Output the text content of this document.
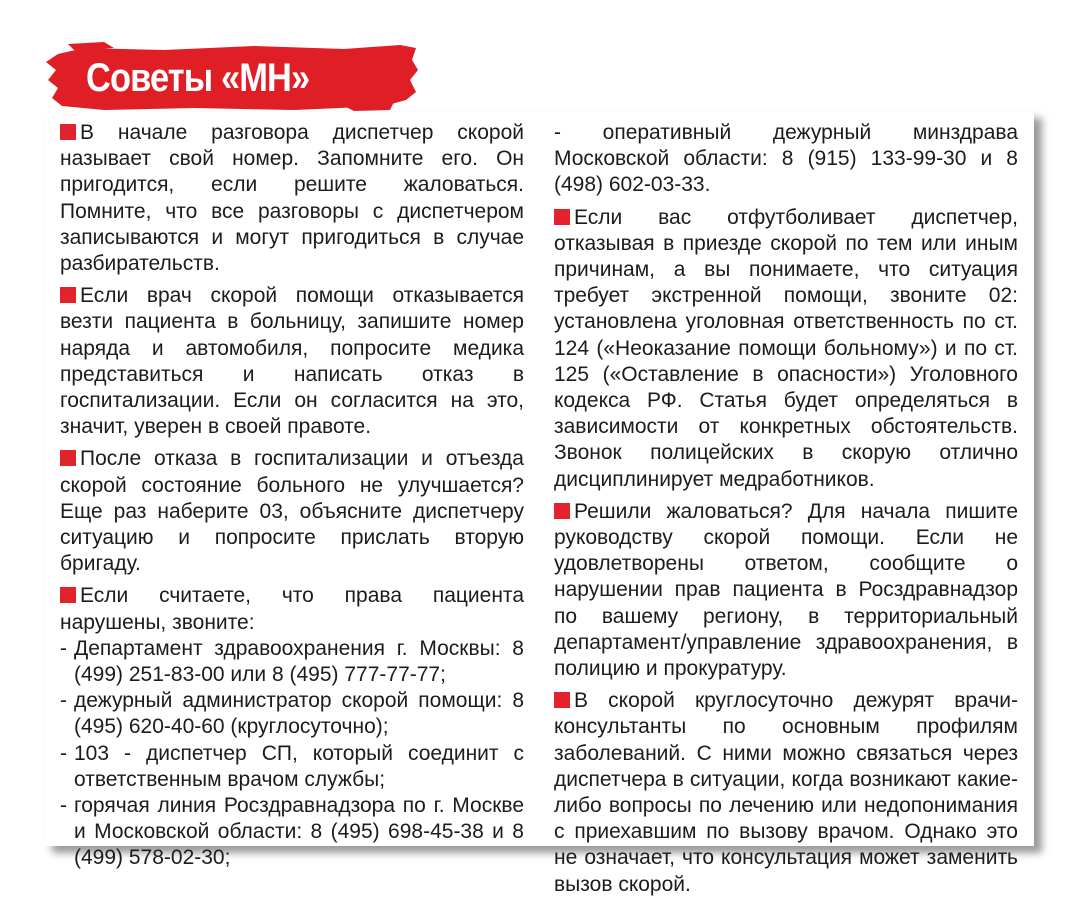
Советы «МН»

В начале разговора диспетчер скорой называет свой номер. Запомните его. Он пригодится, если решите жаловаться. Помните, что все разговоры с диспетчером записываются и могут пригодиться в случае разбирательств.

Если врач скорой помощи отказывается везти пациента в больницу, запишите номер наряда и автомобиля, попросите медика представиться и написать отказ в госпитализации. Если он согласится на это, значит, уверен в своей правоте.

После отказа в госпитализации и отъезда скорой состояние больного не улучшается? Еще раз наберите 03, объясните диспетчеру ситуацию и попросите прислать вторую бригаду.

Если считаете, что права пациента нарушены, звоните:

- Департамент здравоохранения г. Москвы: 8 (499) 251-83-00 или 8 (495) 777-77-77;
- дежурный администратор скорой помощи: 8 (495) 620-40-60 (круглосуточно);
- 103 - диспетчер СП, который соединит с ответственным врачом службы;
- горячая линия Росздравнадзора по г. Москве и Московской области: 8 (495) 698-45-38 и 8 (499) 578-02-30;

- оперативный дежурный минздрава Московской области: 8 (915) 133-99-30 и 8 (498) 602-03-33.

Если вас отфутболивает диспетчер, отказывая в приезде скорой по тем или иным причинам, а вы понимаете, что ситуация требует экстренной помощи, звоните 02: установлена уголовная ответственность по ст. 124 («Неоказание помощи больному») и по ст. 125 («Оставление в опасности») Уголовного кодекса РФ. Статья будет определяться в зависимости от конкретных обстоятельств. Звонок полицейских в скорую отлично дисциплинирует медработников.

Решили жаловаться? Для начала пишите руководству скорой помощи. Если не удовлетворены ответом, сообщите о нарушении прав пациента в Росздравнадзор по вашему региону, в территориальный департамент/управление здравоохранения, в полицию и прокуратуру.

В скорой круглосуточно дежурят врачи-консультанты по основным профилям заболеваний. С ними можно связаться через диспетчера в ситуации, когда возникают какие-либо вопросы по лечению или недопонимания с приехавшим по вызову врачом. Однако это не означает, что консультация может заменить вызов скорой.
